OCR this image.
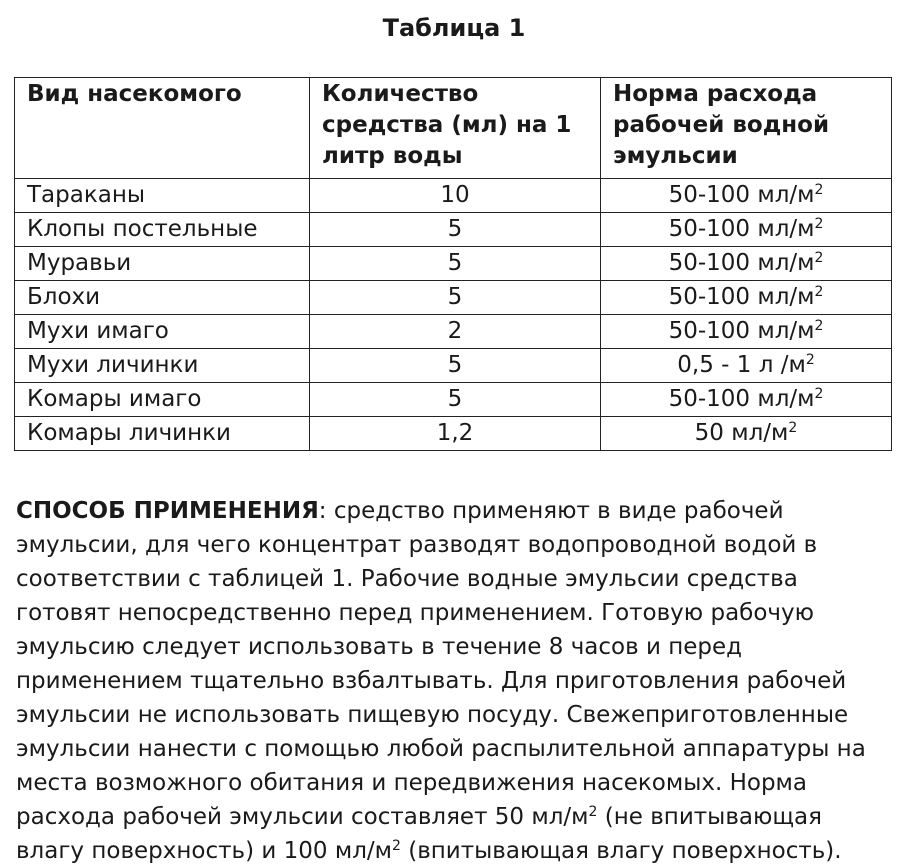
Таблица 1
Вид насекомого	Количество средства (мл) на 1 литр воды	Норма расхода рабочей водной эмульсии
Тараканы	10	50-100 $мл/м^2$
Клопы постельные	5	50-100 $мл/м^2$
Муравьи	5	50-100 $мл/м^2$
Блохи	5	50-100 $мл/м^2$
Мухи имаго	2	50-100 $мл/м^2$
Мухи личинки	5	0,5 - 1 л $/м^2$
Комары имаго	5	50-100 $мл/м^2$
Комары личинки	1,2	50 $мл/м^2$
СПОСОБ ПРИМЕНЕНИЯ: средство применяют в виде рабочей
эмульсии, для чего концентрат разводят водопроводной водой в
соответствии с таблицей 1. Рабочие водные эмульсии средства
готовят непосредственно перед применением. Готовую рабочую
эмульсию следует использовать в течение 8 часов и перед
применением тщательно взбалтывать. Для приготовления рабочей
эмульсии не использовать пищевую посуду. Свежеприготовленные
эмульсии нанести с помощью любой распылительной аппаратуры на
места возможного обитания и передвижения насекомых. Норма
расхода рабочей эмульсии составляет 50 $мл/м^2$ (не впитывающая
влагу поверхность) и 100 $мл/м^2$ (впитывающая влагу поверхность).
